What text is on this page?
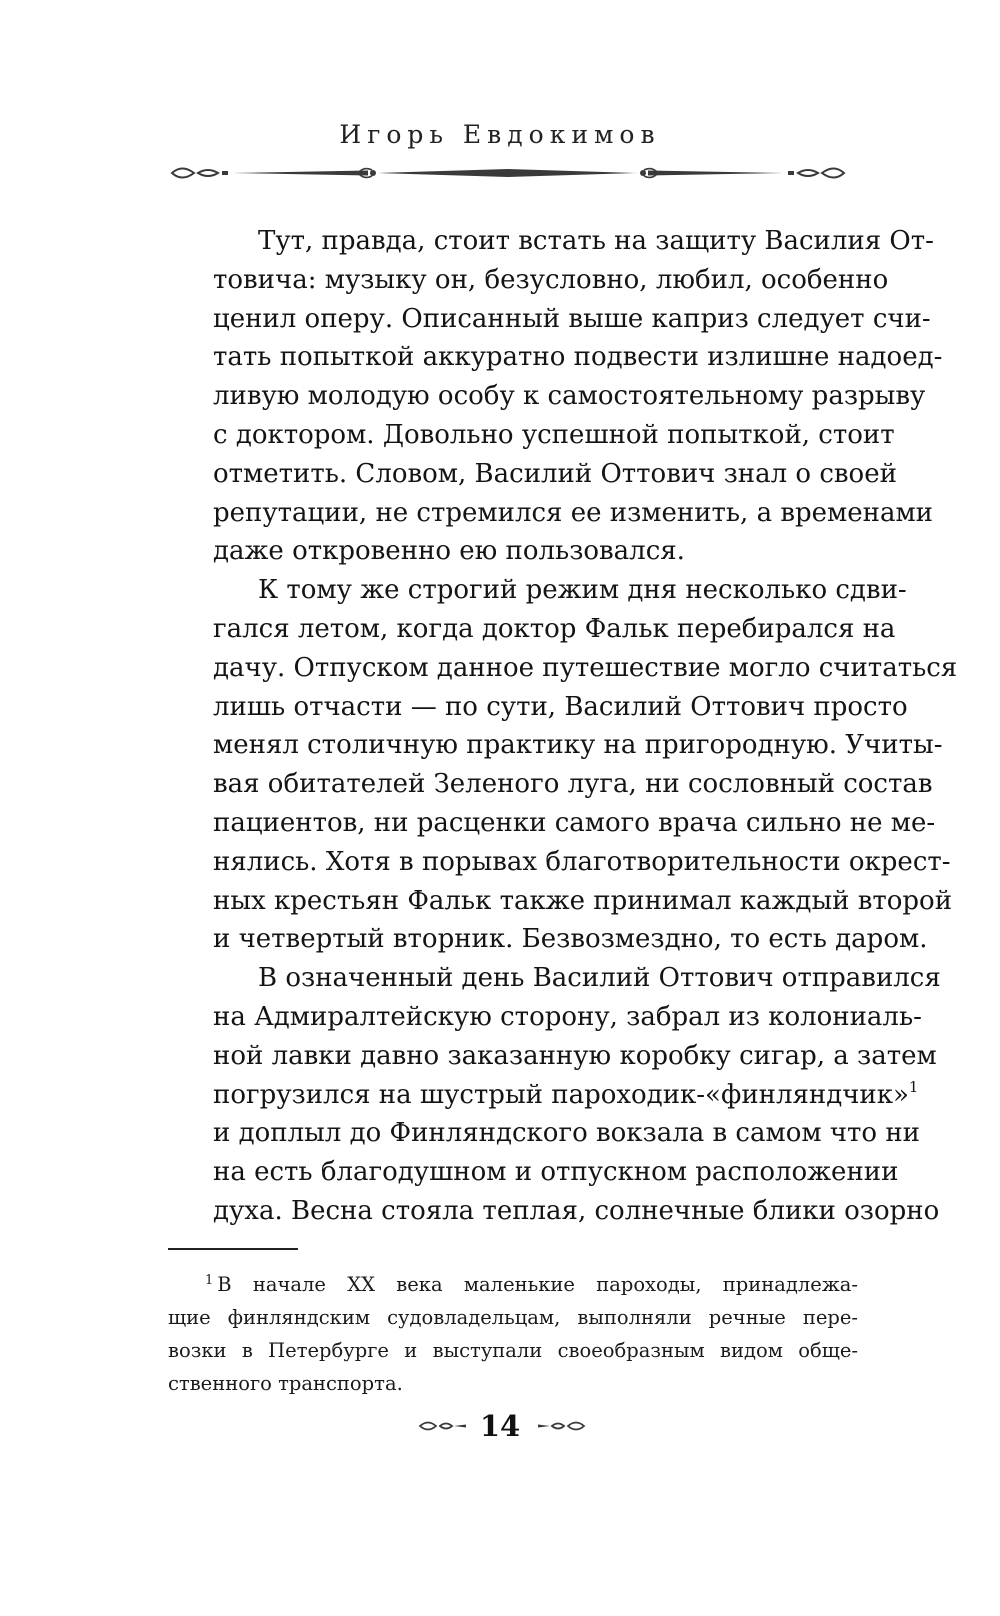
Игорь Евдокимов

Тут, правда, стоит встать на защиту Василия От-
товича: музыку он, безусловно, любил, особенно
ценил оперу. Описанный выше каприз следует счи-
тать попыткой аккуратно подвести излишне надоед-
ливую молодую особу к самостоятельному разрыву
с доктором. Довольно успешной попыткой, стоит
отметить. Словом, Василий Оттович знал о своей
репутации, не стремился ее изменить, а временами
даже откровенно ею пользовался.

К тому же строгий режим дня несколько сдви-
гался летом, когда доктор Фальк перебирался на
дачу. Отпуском данное путешествие могло считаться
лишь отчасти — по сути, Василий Оттович просто
менял столичную практику на пригородную. Учиты-
вая обитателей Зеленого луга, ни сословный состав
пациентов, ни расценки самого врача сильно не ме-
нялись. Хотя в порывах благотворительности окрест-
ных крестьян Фальк также принимал каждый второй
и четвертый вторник. Безвозмездно, то есть даром.

В означенный день Василий Оттович отправился
на Адмиралтейскую сторону, забрал из колониаль-
ной лавки давно заказанную коробку сигар, а затем
погрузился на шустрый пароходик-«финляндчик»$^1$
и доплыл до Финляндского вокзала в самом что ни
на есть благодушном и отпускном расположении
духа. Весна стояла теплая, солнечные блики озорно

$^1$ В начале XX века маленькие пароходы, принадлежа-
щие финляндским судовладельцам, выполняли речные пере-
возки в Петербурге и выступали своеобразным видом обще-
ственного транспорта.
14
